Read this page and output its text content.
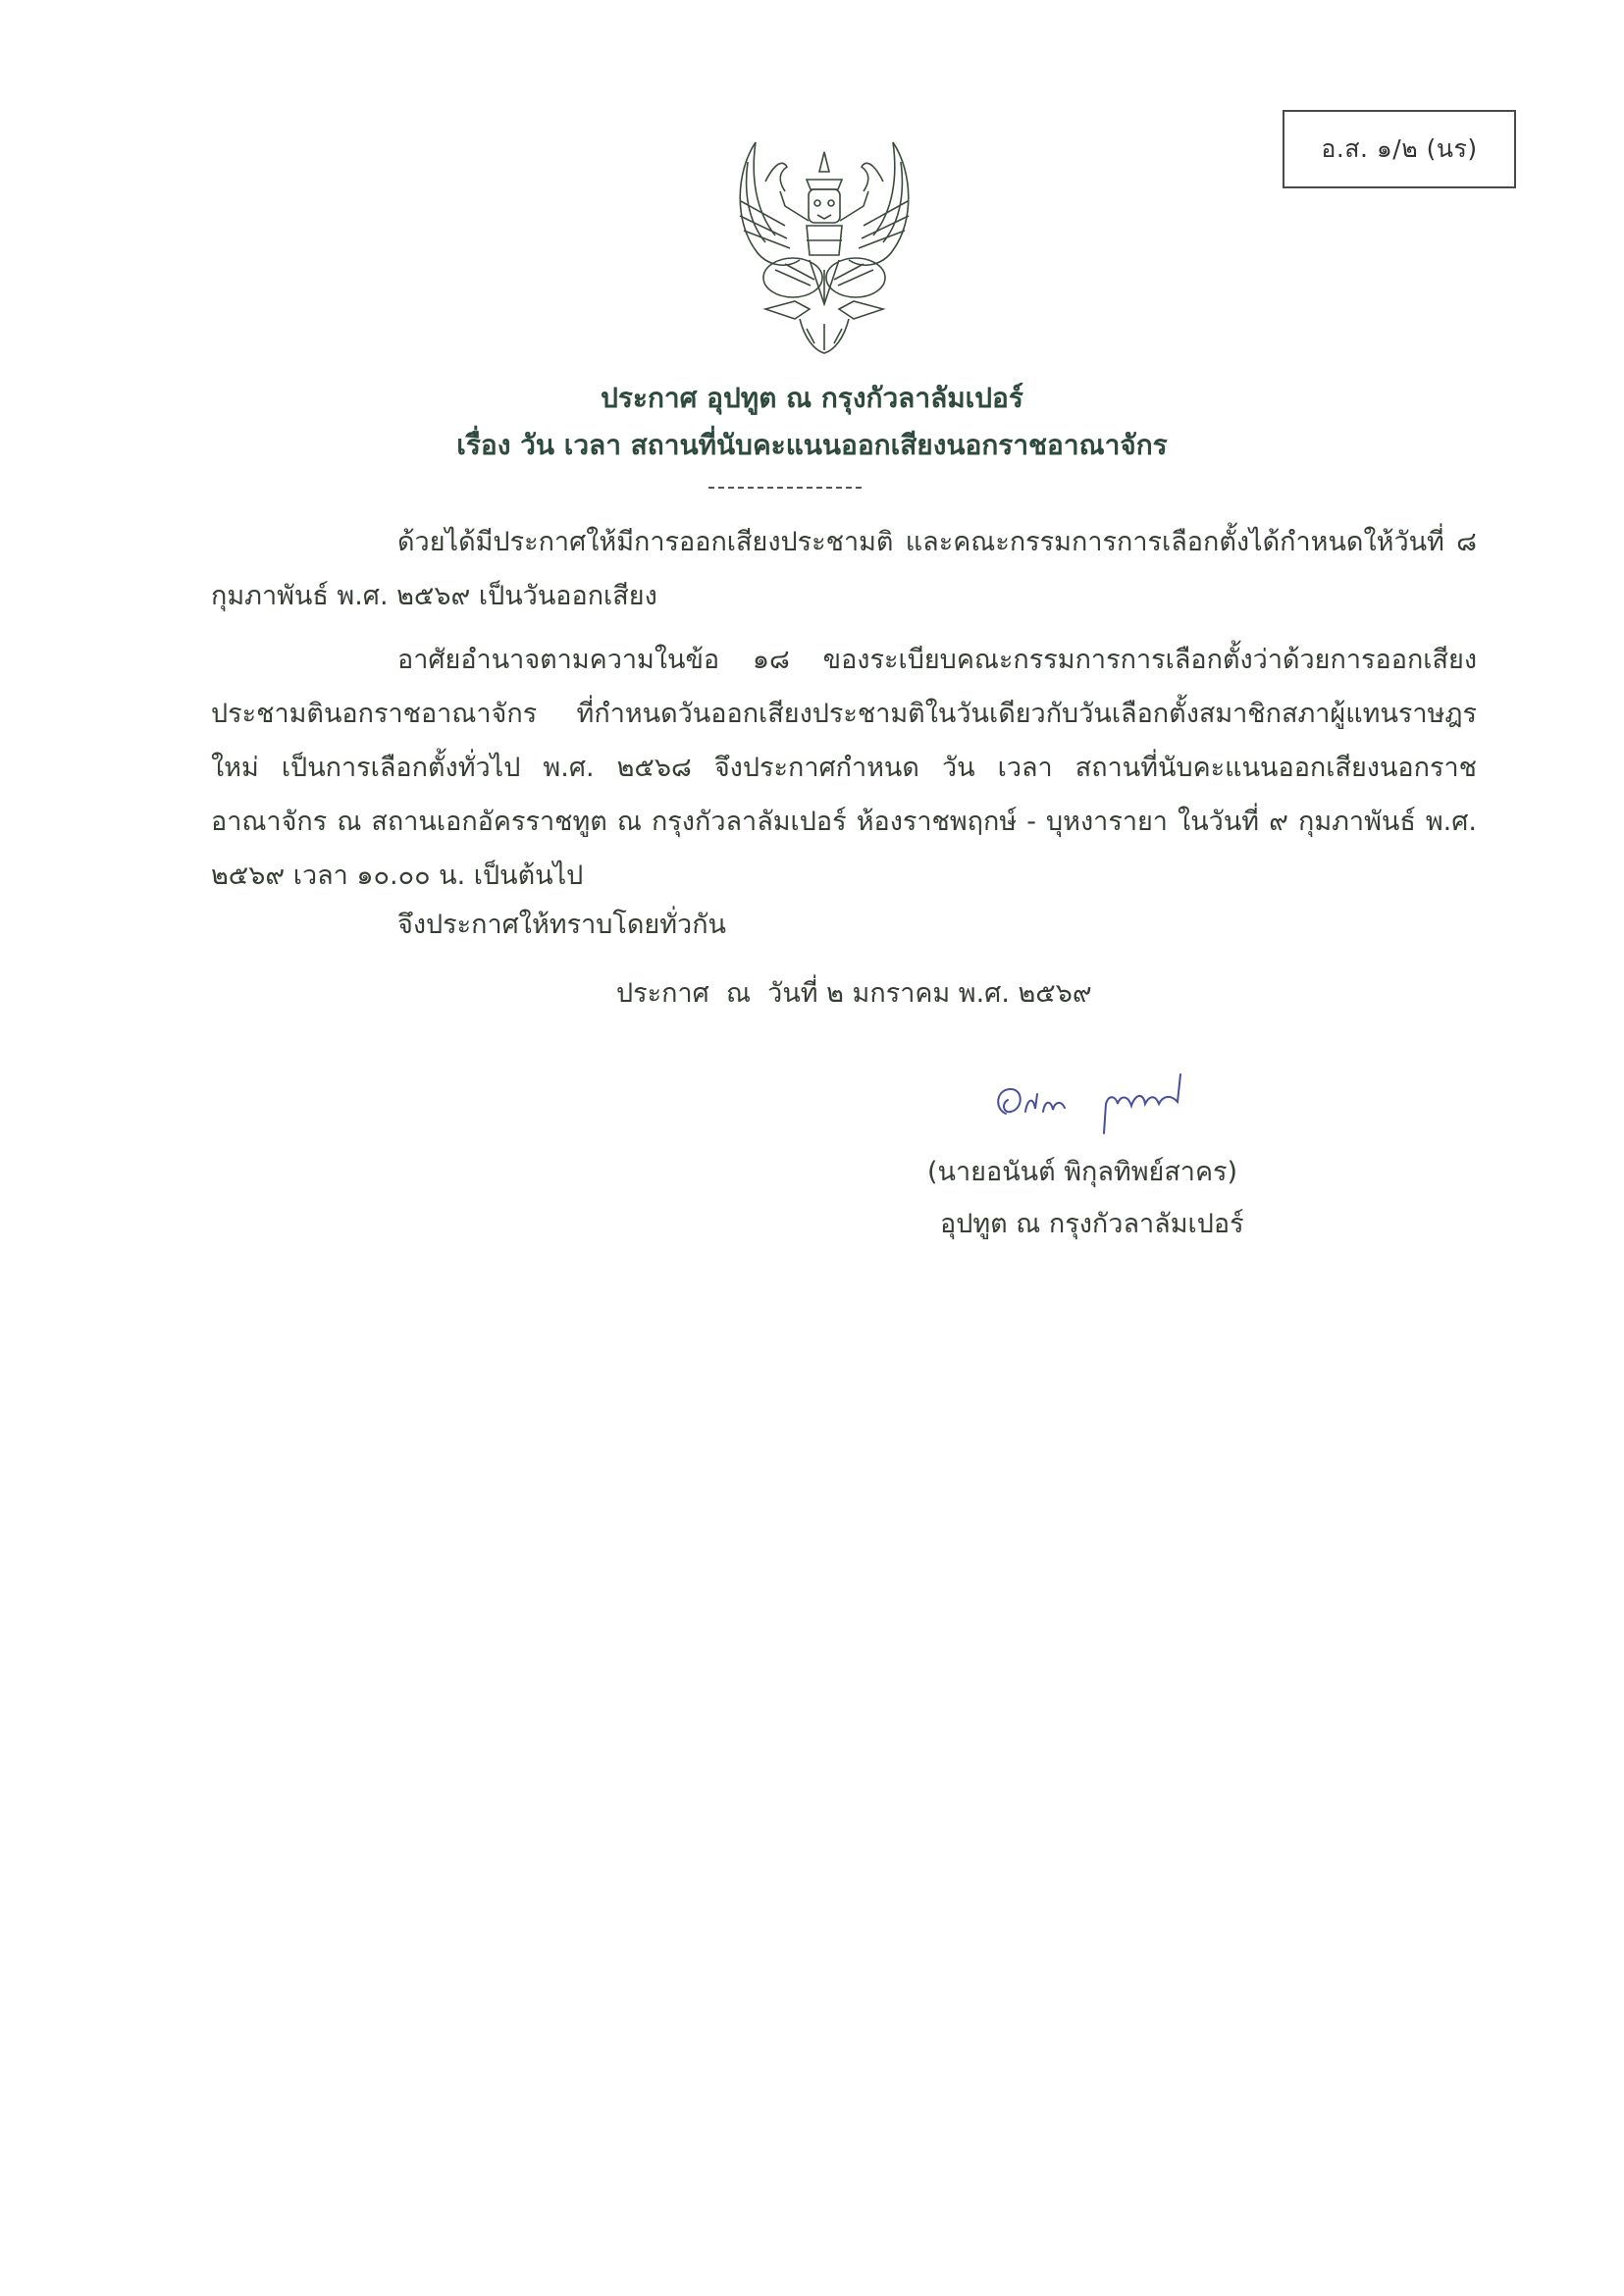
อ.ส. ๑/๒ (นร)
ประกาศ อุปทูต ณ กรุงกัวลาลัมเปอร์
เรื่อง วัน เวลา สถานที่นับคะแนนออกเสียงนอกราชอาณาจักร
ด้วยได้มีประกาศให้มีการออกเสียงประชามติ และคณะกรรมการการเลือกตั้งได้กำหนดให้วันที่ ๘ กุมภาพันธ์ พ.ศ. ๒๕๖๙ เป็นวันออกเสียง
อาศัยอำนาจตามความในข้อ ๑๘ ของระเบียบคณะกรรมการการเลือกตั้งว่าด้วยการออกเสียงประชามตินอกราชอาณาจักร ที่กำหนดวันออกเสียงประชามติในวันเดียวกับวันเลือกตั้งสมาชิกสภาผู้แทนราษฎรใหม่ เป็นการเลือกตั้งทั่วไป พ.ศ. ๒๕๖๘ จึงประกาศกำหนด วัน เวลา สถานที่นับคะแนนออกเสียงนอกราชอาณาจักร ณ สถานเอกอัครราชทูต ณ กรุงกัวลาลัมเปอร์ ห้องราชพฤกษ์ - บุหงารายา ในวันที่ ๙ กุมภาพันธ์ พ.ศ. ๒๕๖๙ เวลา ๑๐.๐๐ น. เป็นต้นไป
จึงประกาศให้ทราบโดยทั่วกัน
ประกาศ  ณ  วันที่ ๒ มกราคม พ.ศ. ๒๕๖๙
(นายอนันต์ พิกุลทิพย์สาคร)
อุปทูต ณ กรุงกัวลาลัมเปอร์
